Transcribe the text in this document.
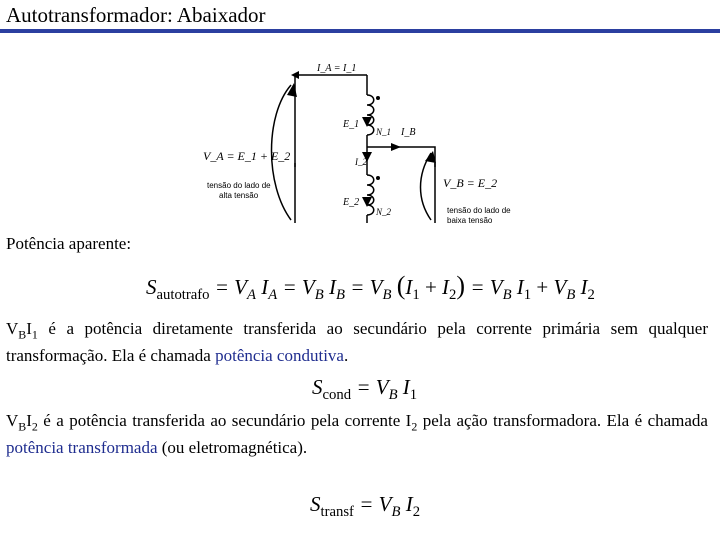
Autotransformador: Abaixador
I_A = I_1
E_1
N_1 I_B
I_2
E_2
N_2
V_A = E_1 + E_2
V_B = E_2
tensão do lado de
alta tensão
tensão do lado de
baixa tensão
Potência aparente:
$S_{autotrafo} = V_A$ $I_A = V_B$ $I_B = V_B$ $(I_1 + I_2) = V_B$ $I_1 + V_B$ $I_2$
$V_BI_1$ é a potência diretamente transferida ao secundário pela corrente primária sem qualquer transformação. Ela é chamada potência condutiva.
$S_{cond} = V_B$ $I_1$
$V_BI_2$ é a potência transferida ao secundário pela corrente $I_2$ pela ação transformadora. Ela é chamada potência transformada (ou eletromagnética).
$S_{transf} = V_B$ $I_2$
